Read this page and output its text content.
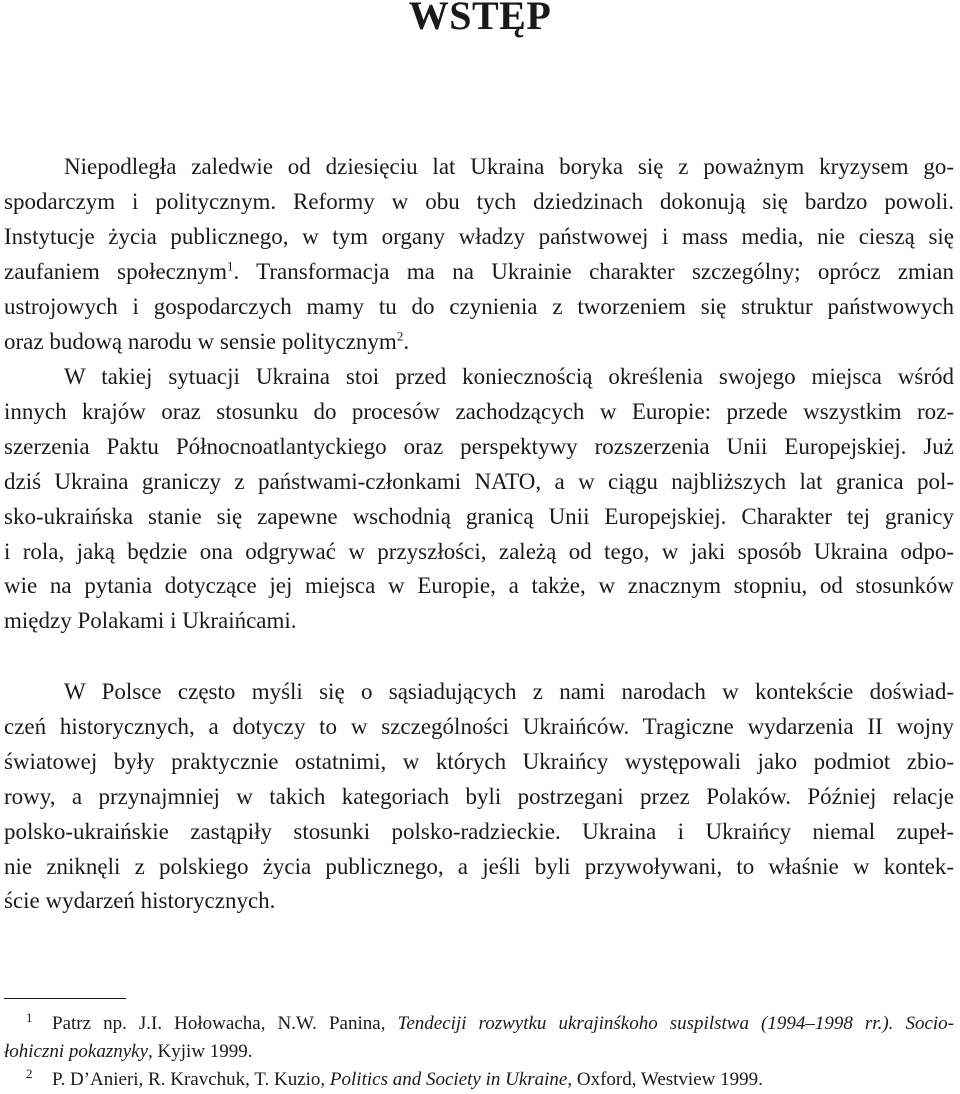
WSTĘP
Niepodległa zaledwie od dziesięciu lat Ukraina boryka się z poważnym kryzysem go-
spodarczym i politycznym. Reformy w obu tych dziedzinach dokonują się bardzo powoli.
Instytucje życia publicznego, w tym organy władzy państwowej i mass media, nie cieszą się
zaufaniem społecznym$^1$. Transformacja ma na Ukrainie charakter szczególny; oprócz zmian
ustrojowych i gospodarczych mamy tu do czynienia z tworzeniem się struktur państwowych
oraz budową narodu w sensie politycznym$^2$.
W takiej sytuacji Ukraina stoi przed koniecznością określenia swojego miejsca wśród
innych krajów oraz stosunku do procesów zachodzących w Europie: przede wszystkim roz-
szerzenia Paktu Północnoatlantyckiego oraz perspektywy rozszerzenia Unii Europejskiej. Już
dziś Ukraina graniczy z państwami-członkami NATO, a w ciągu najbliższych lat granica pol-
sko-ukraińska stanie się zapewne wschodnią granicą Unii Europejskiej. Charakter tej granicy
i rola, jaką będzie ona odgrywać w przyszłości, zależą od tego, w jaki sposób Ukraina odpo-
wie na pytania dotyczące jej miejsca w Europie, a także, w znacznym stopniu, od stosunków
między Polakami i Ukraińcami.
W Polsce często myśli się o sąsiadujących z nami narodach w kontekście doświad-
czeń historycznych, a dotyczy to w szczególności Ukraińców. Tragiczne wydarzenia II wojny
światowej były praktycznie ostatnimi, w których Ukraińcy występowali jako podmiot zbio-
rowy, a przynajmniej w takich kategoriach byli postrzegani przez Polaków. Później relacje
polsko-ukraińskie zastąpiły stosunki polsko-radzieckie. Ukraina i Ukraińcy niemal zupeł-
nie zniknęli z polskiego życia publicznego, a jeśli byli przywoływani, to właśnie w kontek-
ście wydarzeń historycznych.
1 Patrz np. J.I. Hołowacha, N.W. Panina, Tendeciji rozwytku ukrajinśkoho suspilstwa (1994–1998 rr.). Socio-
łohiczni pokaznyky, Kyjiw 1999.
2 P. D’Anieri, R. Kravchuk, T. Kuzio, Politics and Society in Ukraine, Oxford, Westview 1999.
